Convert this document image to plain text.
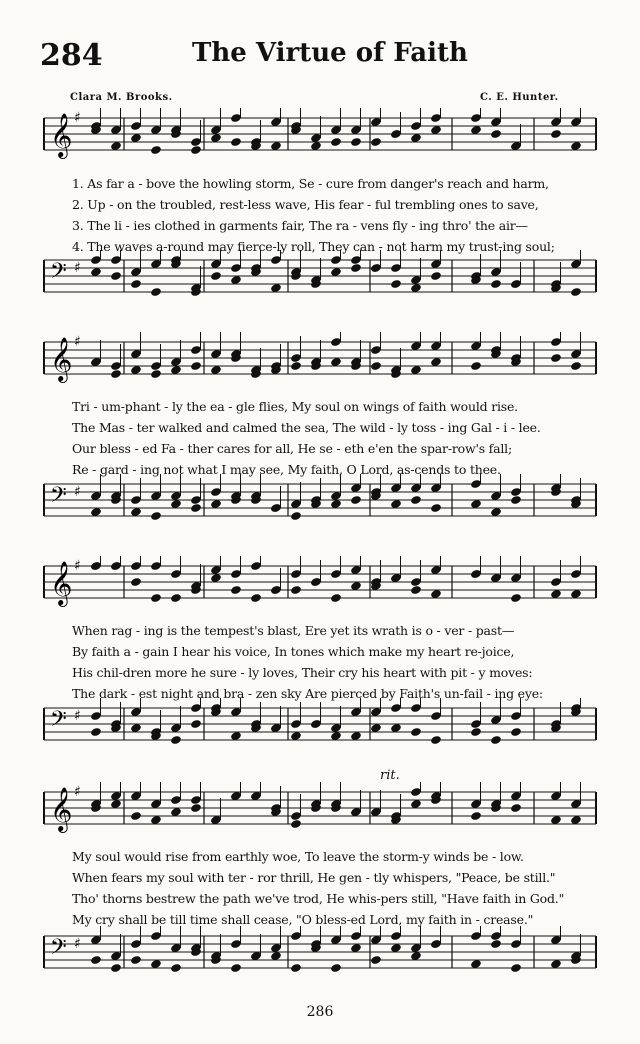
284	The Virtue of Faith
Clara M. Brooks.	C. E. Hunter.
𝄞 ♯
1. As far a - bove the howling storm, Se - cure from danger's reach and harm,
2. Up - on the troubled, rest-less wave, His fear - ful trembling ones to save,
3. The li - ies clothed in garments fair, The ra - vens fly - ing thro' the air—
4. The waves a-round may fierce-ly roll, They can - not harm my trust-ing soul;
𝄢 ♯
𝄞 ♯
Tri - um-phant - ly the ea - gle flies, My soul on wings of faith would rise.
The Mas - ter walked and calmed the sea, The wild - ly toss - ing Gal - i - lee.
Our bless - ed Fa - ther cares for all, He se - eth e'en the spar-row's fall;
Re - gard - ing not what I may see, My faith, O Lord, as-cends to thee.
𝄢 ♯
𝄞 ♯
When rag - ing is the tempest's blast, Ere yet its wrath is o - ver - past—
By faith a - gain I hear his voice, In tones which make my heart re-joice,
His chil-dren more he sure - ly loves, Their cry his heart with pit - y moves:
The dark - est night and bra - zen sky Are pierced by Faith's un-fail - ing eye:
𝄢 ♯
rit.
𝄞 ♯
My soul would rise from earthly woe, To leave the storm-y winds be - low.
When fears my soul with ter - ror thrill, He gen - tly whispers, "Peace, be still."
Tho' thorns bestrew the path we've trod, He whis-pers still, "Have faith in God."
My cry shall be till time shall cease, "O bless-ed Lord, my faith in - crease."
𝄢 ♯
286
